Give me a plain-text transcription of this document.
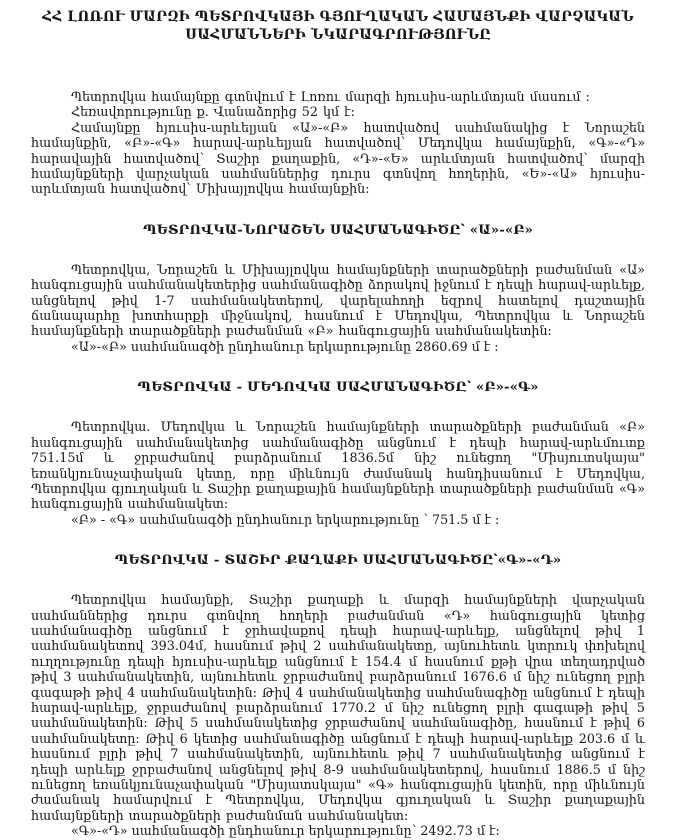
ՀՀ ԼՈՌՈՒ ՄԱՐԶԻ ՊԵՏՐՈՎԿԱՅԻ ԳՅՈՒՂԱԿԱՆ ՀԱՄԱՅՆՔԻ ՎԱՐՉԱԿԱՆ ՍԱՀՄԱՆՆԵՐԻ ՆԿԱՐԱԳՐՈՒԹՅՈՒՆԸ

Պետրովկա համայնքը գտնվում է Լոռու մարզի հյուսիս-արևմտյան մասում :

Հեռավորությունը ք. Վանաձորից 52 կմ է:

Համայնքը հյուսիս-արևելյան «Ա»-«Բ» հատվածով սահմանակից է Նորաշեն համայնքին, «Բ»-«Գ» հարավ-արևելյան հատվածով՝ Մեդովկա համայնքին, «Գ»-«Դ» հարավային հատվածով՝ Տաշիր քաղաքին, «Դ»-«Ե» արևմտյան հատվածով՝ մարզի համայնքների վարչական սահմաններից դուրս գտնվող հողերին, «Ե»-«Ա» հյուսիս-արևմտյան հատվածով՝ Միխայլովկա համայնքին:

ՊԵՏՐՈՎԿԱ-ՆՈՐԱՇԵՆ ՍԱՀՄԱՆԱԳԻԾԸ՝ «Ա»-«Բ»

Պետրովկա, Նորաշեն և Միխայլովկա համայնքների տարածքների բաժանման «Ա» հանգուցային սահմանակետերից սահմանագիծը ձորակով իջնում է դեպի հարավ-արևելք, անցնելով թիվ 1-7 սահմանակետերով, վարելահողի եզրով հատելով դաշտային ճանապարհը խոտհարքի միջնակով, հասնում է Մեդովկա, Պետրովկա և Նորաշեն համայնքների տարածքների բաժանման «Բ» հանգուցային սահմանակետին:

«Ա»-«Բ» սահմանագծի ընդհանուր երկարությունը 2860.69 մ է :

ՊԵՏՐՈՎԿԱ - ՄԵԴՈՎԿԱ ՍԱՀՄԱՆԱԳԻԾԸ՝ «Բ»-«Գ»

Պետրովկա. Մեդովկա և Նորաշեն համայնքների տարածքների բաժանման «Բ» հանգուցային սահմանակետից սահմանագիծը անցնում է դեպի հարավ-արևմուտք 751.15մ և ջրբաժանով բարձրանում 1836.5մ նիշ ունեցող "Միսյուտսկայա" եռանկյունաչափական կետը, որը միևնույն ժամանակ հանդիսանում է Մեդովկա, Պետրովկա գյուղական և Տաշիր քաղաքային համայնքների տարածքների բաժանման «Գ» հանգուցային սահմանակետ:

«Բ» - «Գ» սահմանագծի ընդհանուր երկարությունը ՝ 751.5 մ է :

ՊԵՏՐՈՎԿԱ - ՏԱՇԻՐ ՔԱՂԱՔԻ ՍԱՀՄԱՆԱԳԻԾԸ՝«Գ»-«Դ»

Պետրովկա համայնքի, Տաշիր քաղաքի և մարզի համայնքների վարչական սահմաններից դուրս գտնվող հողերի բաժանման «Դ» հանգուցային կետից սահմանագիծը անցնում է ջրհավաքով դեպի հարավ-արևելք, անցնելով թիվ 1 սահմանակետով 393.04մ, հասնում թիվ 2 սահմանակետը, այնուհետև կտրուկ փոխելով ուղղությունը դեպի հյուսիս-արևելք անցնում է 154.4 մ հասնում քթի վրա տեղադրված թիվ 3 սահմանակետին, այնուհետև ջրբաժանով բարձրանում 1676.6 մ նիշ ունեցող բլրի գագաթի թիվ 4 սահմանակետին: Թիվ 4 սահմանակետից սահմանագիծը անցնում է դեպի հարավ-արևելք, ջրբաժանով բարձրանում 1770.2 մ նիշ ունեցող բլրի գագաթի թիվ 5 սահմանակետին: Թիվ 5 սահմանակետից ջրբաժանով սահմանագիծը, հասնում է թիվ 6 սահմանակետը: Թիվ 6 կետից սահմանագիծը անցնում է դեպի հարավ-արևելք 203.6 մ և հասնում բլրի թիվ 7 սահմանակետին, այնուհետև թիվ 7 սահմանակետից անցնում է դեպի արևելք ջրբաժանով անցնելով թիվ 8-9 սահմանակետերով, հասնում 1886.5 մ նիշ ունեցող եռանկյունաչափական "Միսյատսկայա" «Գ» հանգուցային կետին, որը միևնույն ժամանակ համարվում է Պետրովկա, Մեդովկա գյուղական և Տաշիր քաղաքային համայնքների տարածքների բաժանման սահմանակետ:

«Գ»-«Դ» սահմանագծի ընդհանուր երկարությունը՝ 2492.73 մ է:
